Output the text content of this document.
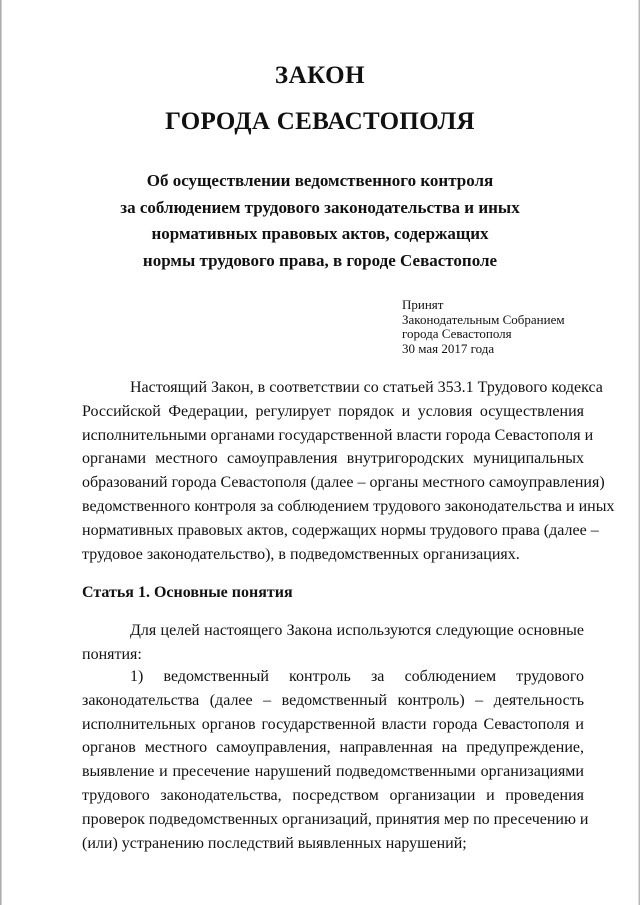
ЗАКОН
ГОРОДА СЕВАСТОПОЛЯ
Об осуществлении ведомственного контроля
за соблюдением трудового законодательства и иных
нормативных правовых актов, содержащих
нормы трудового права, в городе Севастополе
Принят
Законодательным Собранием
города Севастополя
30 мая 2017 года
Настоящий Закон, в соответствии со статьей 353.1 Трудового кодекса
Российской Федерации, регулирует порядок и условия осуществления
исполнительными органами государственной власти города Севастополя и
органами местного самоуправления внутригородских муниципальных
образований города Севастополя (далее – органы местного самоуправления)
ведомственного контроля за соблюдением трудового законодательства и иных
нормативных правовых актов, содержащих нормы трудового права (далее –
трудовое законодательство), в подведомственных организациях.
Статья 1. Основные понятия
Для целей настоящего Закона используются следующие основные
понятия:
1) ведомственный контроль за соблюдением трудового
законодательства (далее – ведомственный контроль) – деятельность
исполнительных органов государственной власти города Севастополя и
органов местного самоуправления, направленная на предупреждение,
выявление и пресечение нарушений подведомственными организациями
трудового законодательства, посредством организации и проведения
проверок подведомственных организаций, принятия мер по пресечению и
(или) устранению последствий выявленных нарушений;
